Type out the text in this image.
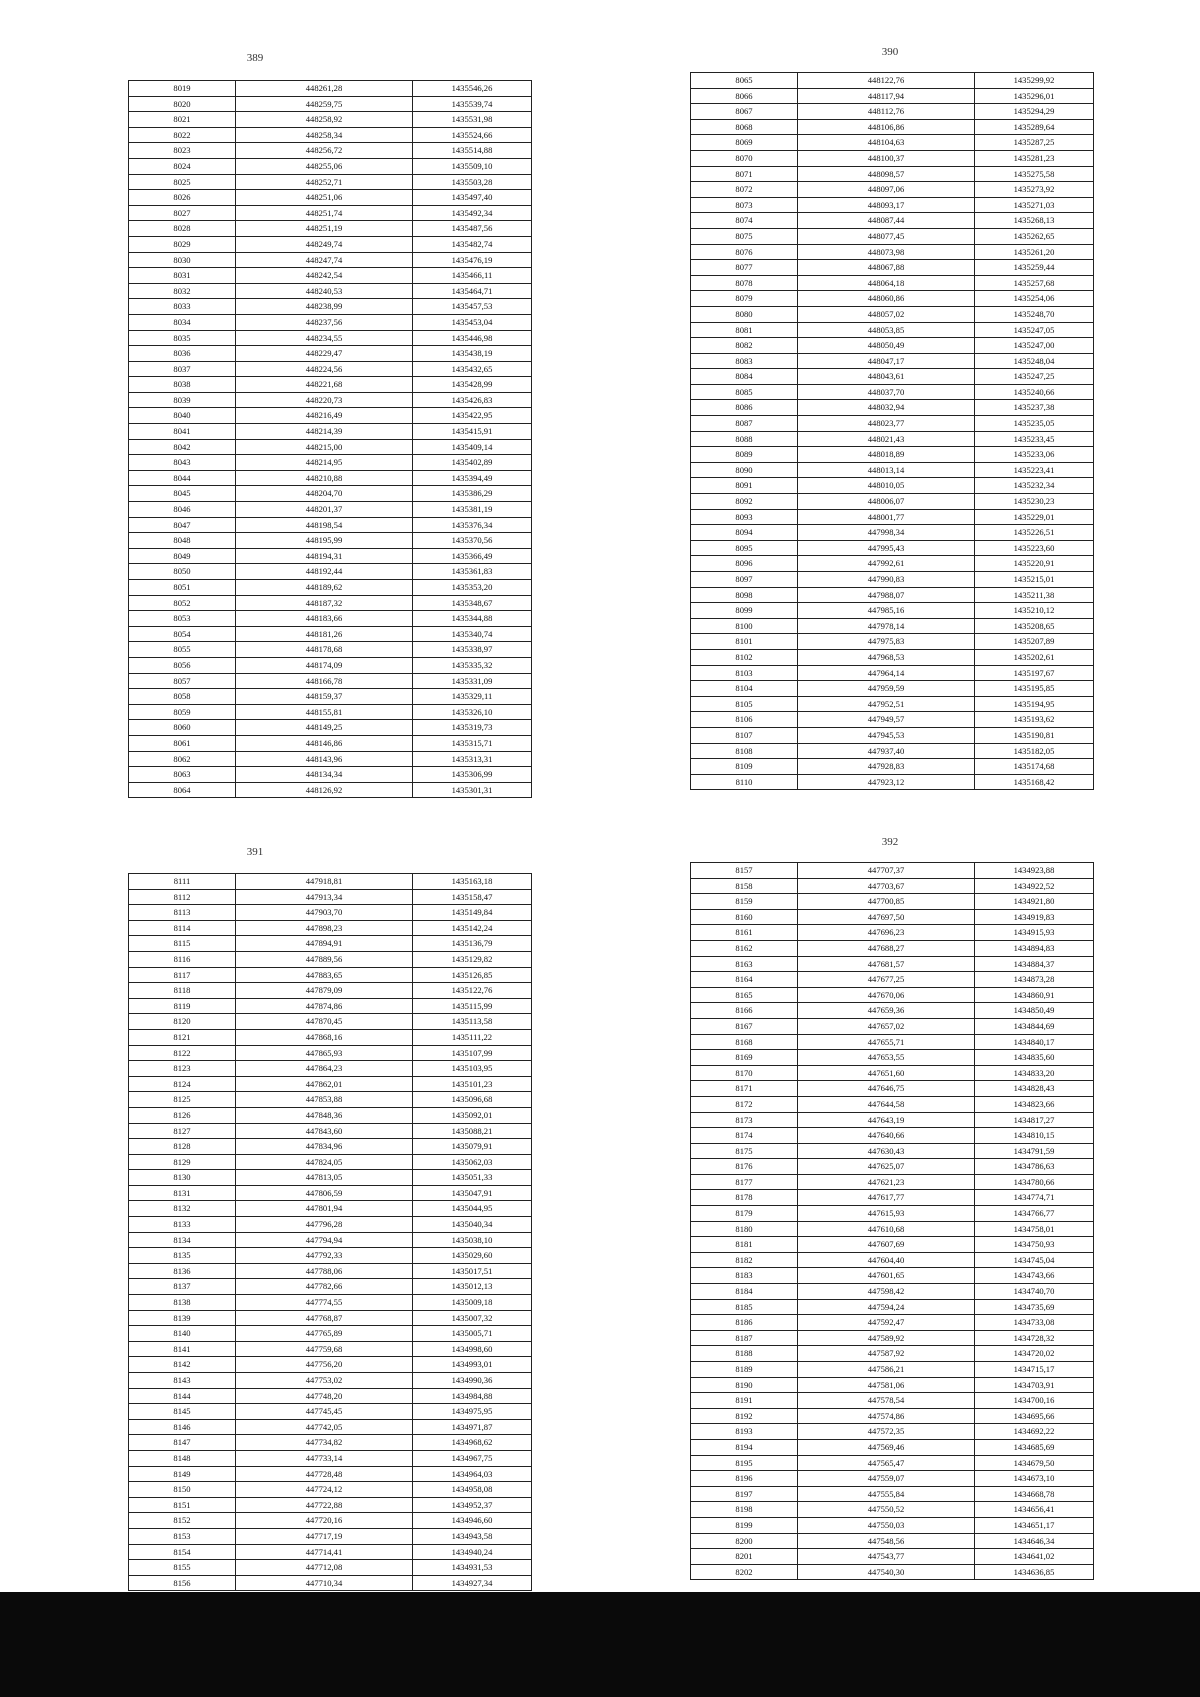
389
8019	448261,28	1435546,26
8020	448259,75	1435539,74
8021	448258,92	1435531,98
8022	448258,34	1435524,66
8023	448256,72	1435514,88
8024	448255,06	1435509,10
8025	448252,71	1435503,28
8026	448251,06	1435497,40
8027	448251,74	1435492,34
8028	448251,19	1435487,56
8029	448249,74	1435482,74
8030	448247,74	1435476,19
8031	448242,54	1435466,11
8032	448240,53	1435464,71
8033	448238,99	1435457,53
8034	448237,56	1435453,04
8035	448234,55	1435446,98
8036	448229,47	1435438,19
8037	448224,56	1435432,65
8038	448221,68	1435428,99
8039	448220,73	1435426,83
8040	448216,49	1435422,95
8041	448214,39	1435415,91
8042	448215,00	1435409,14
8043	448214,95	1435402,89
8044	448210,88	1435394,49
8045	448204,70	1435386,29
8046	448201,37	1435381,19
8047	448198,54	1435376,34
8048	448195,99	1435370,56
8049	448194,31	1435366,49
8050	448192,44	1435361,83
8051	448189,62	1435353,20
8052	448187,32	1435348,67
8053	448183,66	1435344,88
8054	448181,26	1435340,74
8055	448178,68	1435338,97
8056	448174,09	1435335,32
8057	448166,78	1435331,09
8058	448159,37	1435329,11
8059	448155,81	1435326,10
8060	448149,25	1435319,73
8061	448146,86	1435315,71
8062	448143,96	1435313,31
8063	448134,34	1435306,99
8064	448126,92	1435301,31
390
8065	448122,76	1435299,92
8066	448117,94	1435296,01
8067	448112,76	1435294,29
8068	448106,86	1435289,64
8069	448104,63	1435287,25
8070	448100,37	1435281,23
8071	448098,57	1435275,58
8072	448097,06	1435273,92
8073	448093,17	1435271,03
8074	448087,44	1435268,13
8075	448077,45	1435262,65
8076	448073,98	1435261,20
8077	448067,88	1435259,44
8078	448064,18	1435257,68
8079	448060,86	1435254,06
8080	448057,02	1435248,70
8081	448053,85	1435247,05
8082	448050,49	1435247,00
8083	448047,17	1435248,04
8084	448043,61	1435247,25
8085	448037,70	1435240,66
8086	448032,94	1435237,38
8087	448023,77	1435235,05
8088	448021,43	1435233,45
8089	448018,89	1435233,06
8090	448013,14	1435223,41
8091	448010,05	1435232,34
8092	448006,07	1435230,23
8093	448001,77	1435229,01
8094	447998,34	1435226,51
8095	447995,43	1435223,60
8096	447992,61	1435220,91
8097	447990,83	1435215,01
8098	447988,07	1435211,38
8099	447985,16	1435210,12
8100	447978,14	1435208,65
8101	447975,83	1435207,89
8102	447968,53	1435202,61
8103	447964,14	1435197,67
8104	447959,59	1435195,85
8105	447952,51	1435194,95
8106	447949,57	1435193,62
8107	447945,53	1435190,81
8108	447937,40	1435182,05
8109	447928,83	1435174,68
8110	447923,12	1435168,42
391
8111	447918,81	1435163,18
8112	447913,34	1435158,47
8113	447903,70	1435149,84
8114	447898,23	1435142,24
8115	447894,91	1435136,79
8116	447889,56	1435129,82
8117	447883,65	1435126,85
8118	447879,09	1435122,76
8119	447874,86	1435115,99
8120	447870,45	1435113,58
8121	447868,16	1435111,22
8122	447865,93	1435107,99
8123	447864,23	1435103,95
8124	447862,01	1435101,23
8125	447853,88	1435096,68
8126	447848,36	1435092,01
8127	447843,60	1435088,21
8128	447834,96	1435079,91
8129	447824,05	1435062,03
8130	447813,05	1435051,33
8131	447806,59	1435047,91
8132	447801,94	1435044,95
8133	447796,28	1435040,34
8134	447794,94	1435038,10
8135	447792,33	1435029,60
8136	447788,06	1435017,51
8137	447782,66	1435012,13
8138	447774,55	1435009,18
8139	447768,87	1435007,32
8140	447765,89	1435005,71
8141	447759,68	1434998,60
8142	447756,20	1434993,01
8143	447753,02	1434990,36
8144	447748,20	1434984,88
8145	447745,45	1434975,95
8146	447742,05	1434971,87
8147	447734,82	1434968,62
8148	447733,14	1434967,75
8149	447728,48	1434964,03
8150	447724,12	1434958,08
8151	447722,88	1434952,37
8152	447720,16	1434946,60
8153	447717,19	1434943,58
8154	447714,41	1434940,24
8155	447712,08	1434931,53
8156	447710,34	1434927,34
392
8157	447707,37	1434923,88
8158	447703,67	1434922,52
8159	447700,85	1434921,80
8160	447697,50	1434919,83
8161	447696,23	1434915,93
8162	447688,27	1434894,83
8163	447681,57	1434884,37
8164	447677,25	1434873,28
8165	447670,06	1434860,91
8166	447659,36	1434850,49
8167	447657,02	1434844,69
8168	447655,71	1434840,17
8169	447653,55	1434835,60
8170	447651,60	1434833,20
8171	447646,75	1434828,43
8172	447644,58	1434823,66
8173	447643,19	1434817,27
8174	447640,66	1434810,15
8175	447630,43	1434791,59
8176	447625,07	1434786,63
8177	447621,23	1434780,66
8178	447617,77	1434774,71
8179	447615,93	1434766,77
8180	447610,68	1434758,01
8181	447607,69	1434750,93
8182	447604,40	1434745,04
8183	447601,65	1434743,66
8184	447598,42	1434740,70
8185	447594,24	1434735,69
8186	447592,47	1434733,08
8187	447589,92	1434728,32
8188	447587,92	1434720,02
8189	447586,21	1434715,17
8190	447581,06	1434703,91
8191	447578,54	1434700,16
8192	447574,86	1434695,66
8193	447572,35	1434692,22
8194	447569,46	1434685,69
8195	447565,47	1434679,50
8196	447559,07	1434673,10
8197	447555,84	1434668,78
8198	447550,52	1434656,41
8199	447550,03	1434651,17
8200	447548,56	1434646,34
8201	447543,77	1434641,02
8202	447540,30	1434636,85
